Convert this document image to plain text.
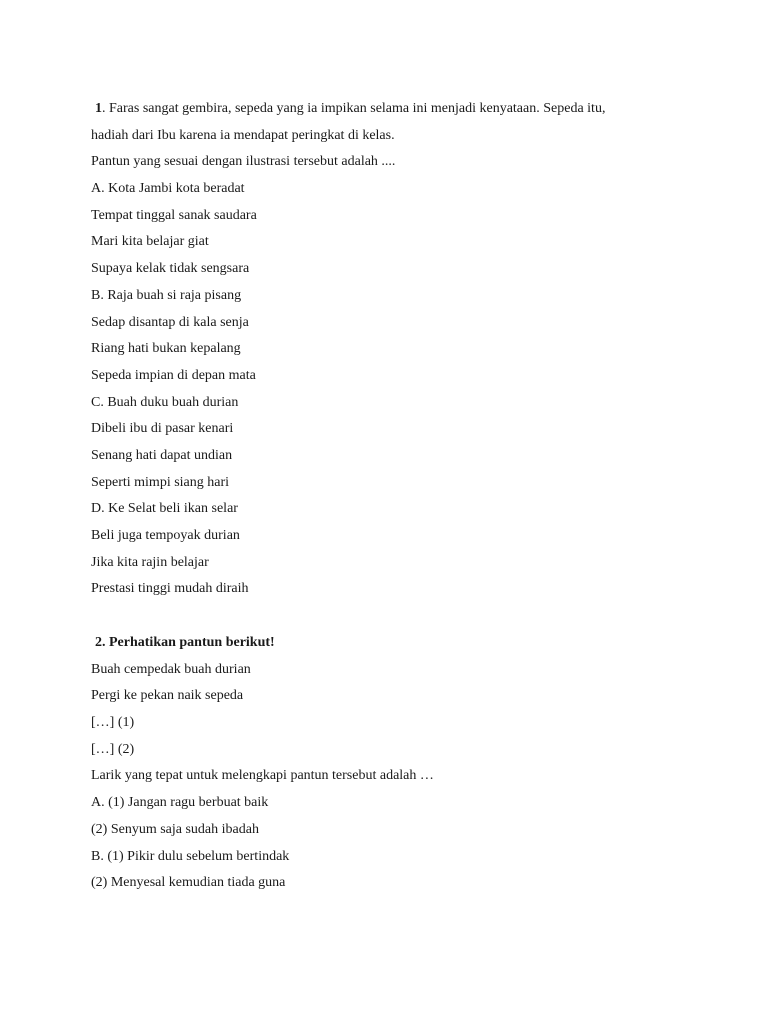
1. Faras sangat gembira, sepeda yang ia impikan selama ini menjadi kenyataan. Sepeda itu,
hadiah dari Ibu karena ia mendapat peringkat di kelas.
Pantun yang sesuai dengan ilustrasi tersebut adalah ....
A. Kota Jambi kota beradat
Tempat tinggal sanak saudara
Mari kita belajar giat
Supaya kelak tidak sengsara
B. Raja buah si raja pisang
Sedap disantap di kala senja
Riang hati bukan kepalang
Sepeda impian di depan mata
C. Buah duku buah durian
Dibeli ibu di pasar kenari
Senang hati dapat undian
Seperti mimpi siang hari
D. Ke Selat beli ikan selar
Beli juga tempoyak durian
Jika kita rajin belajar
Prestasi tinggi mudah diraih
2. Perhatikan pantun berikut!
Buah cempedak buah durian
Pergi ke pekan naik sepeda
[…] (1)
[…] (2)
Larik yang tepat untuk melengkapi pantun tersebut adalah …
A. (1) Jangan ragu berbuat baik
(2) Senyum saja sudah ibadah
B. (1) Pikir dulu sebelum bertindak
(2) Menyesal kemudian tiada guna
